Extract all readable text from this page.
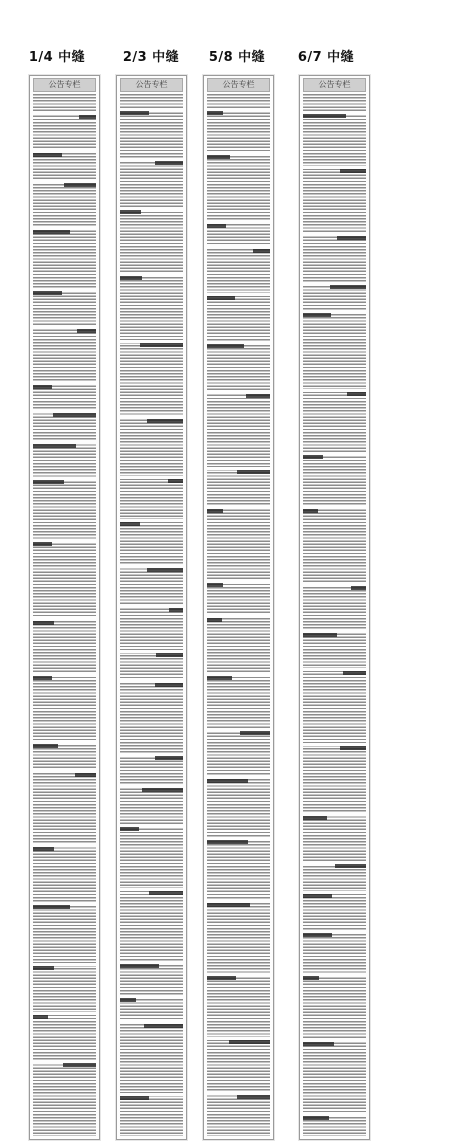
1/4 中缝	2/3 中缝	5/8 中缝	6/7 中缝
公告专栏	公告专栏	公告专栏	公告专栏
